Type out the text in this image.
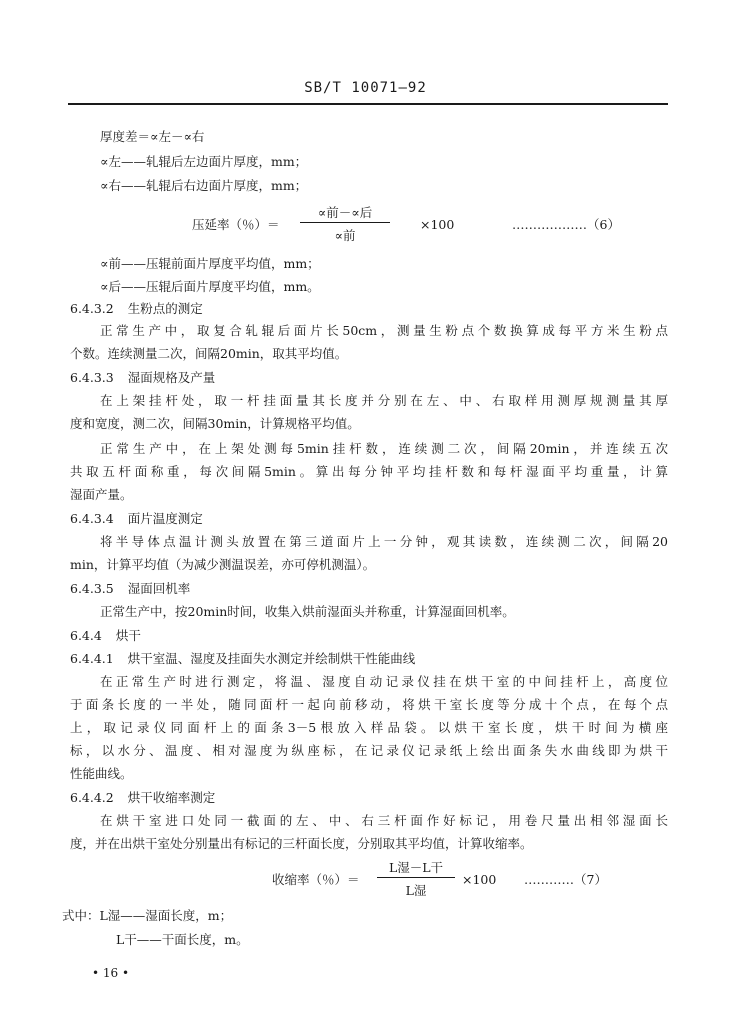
SB/T 10071—92
厚度差＝∝左－∝右
∝左——轧辊后左边面片厚度，mm；
∝右——轧辊后右边面片厚度，mm；
压延率（％）＝
∝前－∝后
∝前
×100	………………（6）
∝前——压辊前面片厚度平均值，mm；
∝后——压辊后面片厚度平均值，mm。
6.4.3.2 生粉点的测定
正常生产中，取复合轧辊后面片长50cm，测量生粉点个数换算成每平方米生粉点
个数。连续测量二次，间隔20min，取其平均值。
6.4.3.3 湿面规格及产量
在上架挂杆处，取一杆挂面量其长度并分别在左、中、右取样用测厚规测量其厚
度和宽度，测二次，间隔30min，计算规格平均值。
正常生产中，在上架处测每5min挂杆数，连续测二次，间隔20min，并连续五次
共取五杆面称重，每次间隔5min。算出每分钟平均挂杆数和每杆湿面平均重量，计算
湿面产量。
6.4.3.4 面片温度测定
将半导体点温计测头放置在第三道面片上一分钟，观其读数，连续测二次，间隔20
min，计算平均值（为减少测温误差，亦可停机测温）。
6.4.3.5 湿面回机率
正常生产中，按20min时间，收集入烘前湿面头并称重，计算湿面回机率。
6.4.4 烘干
6.4.4.1 烘干室温、湿度及挂面失水测定并绘制烘干性能曲线
在正常生产时进行测定，将温、湿度自动记录仪挂在烘干室的中间挂杆上，高度位
于面条长度的一半处，随同面杆一起向前移动，将烘干室长度等分成十个点，在每个点
上，取记录仪同面杆上的面条3－5根放入样品袋。以烘干室长度，烘干时间为横座
标，以水分、温度、相对湿度为纵座标，在记录仪记录纸上绘出面条失水曲线即为烘干
性能曲线。
6.4.4.2 烘干收缩率测定
在烘干室进口处同一截面的左、中、右三杆面作好标记，用卷尺量出相邻湿面长
度，并在出烘干室处分别量出有标记的三杆面长度，分别取其平均值，计算收缩率。
收缩率（％）＝
L湿－L干
L湿
×100 …………（7）
式中：L湿——湿面长度，m；
L干——干面长度，m。
• 16 •
